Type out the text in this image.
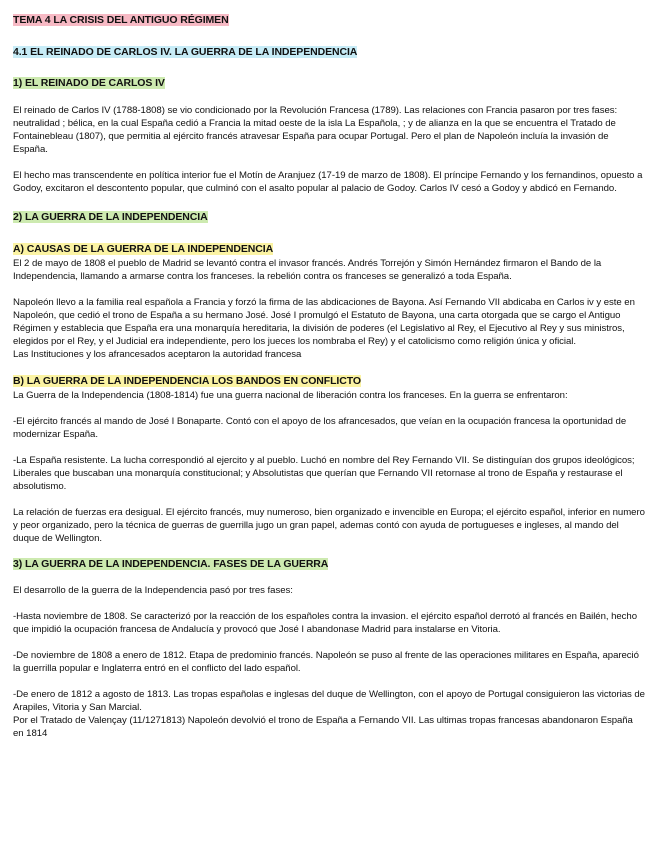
TEMA 4 LA CRISIS DEL ANTIGUO RÉGIMEN
4.1 EL REINADO DE CARLOS IV. LA GUERRA DE LA INDEPENDENCIA
1) EL REINADO DE CARLOS IV

El reinado de Carlos IV (1788-1808) se vio condicionado por la Revolución Francesa (1789). Las relaciones con Francia pasaron por tres fases: neutralidad ; bélica, en la cual España cedió a Francia la mitad oeste de la isla La Española, ; y de alianza en la que se encuentra el Tratado de Fontainebleau (1807), que permitia al ejército francés atravesar España para ocupar Portugal. Pero el plan de Napoleón incluía la invasión de España.

El hecho mas transcendente en política interior fue el Motín de Aranjuez (17-19 de marzo de 1808). El príncipe Fernando y los fernandinos, opuesto a Godoy, excitaron el descontento popular, que culminó con el asalto popular al palacio de Godoy. Carlos IV cesó a Godoy y abdicó en Fernando.

2) LA GUERRA DE LA INDEPENDENCIA
A) CAUSAS DE LA GUERRA DE LA INDEPENDENCIA

El 2 de mayo de 1808 el pueblo de Madrid se levantó contra el invasor francés. Andrés Torrejón y Simón Hernández firmaron el Bando de la Independencia, llamando a armarse contra los franceses. la rebelión contra os franceses se generalizó a toda España.

Napoleón llevo a la familia real española a Francia y forzó la firma de las abdicaciones de Bayona. Así Fernando VII abdicaba en Carlos iv y este en Napoleón, que cedió el trono de España a su hermano José. José I promulgó el Estatuto de Bayona, una carta otorgada que se cargo el Antiguo Régimen y establecia que España era una monarquía hereditaria, la división de poderes (el Legislativo al Rey, el Ejecutivo al Rey y sus ministros, elegidos por el Rey, y el Judicial era independiente, pero los jueces los nombraba el Rey) y el catolicismo como religión única y oficial.

Las Instituciones y los afrancesados aceptaron la autoridad francesa

B) LA GUERRA DE LA INDEPENDENCIA LOS BANDOS EN CONFLICTO

La Guerra de la Independencia (1808-1814) fue una guerra nacional de liberación contra los franceses. En la guerra se enfrentaron:

-El ejército francés al mando de José I Bonaparte. Contó con el apoyo de los afrancesados, que veían en la ocupación francesa la oportunidad de modernizar España.

-La España resistente. La lucha correspondió al ejercito y al pueblo. Luchó en nombre del Rey Fernando VII. Se distinguían dos grupos ideológicos; Liberales que buscaban una monarquía constitucional; y Absolutistas que querían que Fernando VII retornase al trono de España y restaurase el absolutismo.

La relación de fuerzas era desigual. El ejército francés, muy numeroso, bien organizado e invencible en Europa; el ejército español, inferior en numero y peor organizado, pero la técnica de guerras de guerrilla jugo un gran papel, ademas contó con ayuda de portugueses e ingleses, al mando del duque de Wellington.

3) LA GUERRA DE LA INDEPENDENCIA. FASES DE LA GUERRA

El desarrollo de la guerra de la Independencia pasó por tres fases:

-Hasta noviembre de 1808. Se caracterizó por la reacción de los españoles contra la invasion. el ejército español derrotó al francés en Bailén, hecho que impidió la ocupación francesa de Andalucía y provocó que José I abandonase Madrid para instalarse en Vitoria.

-De noviembre de 1808 a enero de 1812. Etapa de predominio francés. Napoleón se puso al frente de las operaciones militares en España, apareció la guerrilla popular e Inglaterra entró en el conflicto del lado español.

-De enero de 1812 a agosto de 1813. Las tropas españolas e inglesas del duque de Wellington, con el apoyo de Portugal consiguieron las victorias de Arapiles, Vitoria y San Marcial.

Por el Tratado de Valençay (11/1271813) Napoleón devolvió el trono de España a Fernando VII. Las ultimas tropas francesas abandonaron España en 1814
